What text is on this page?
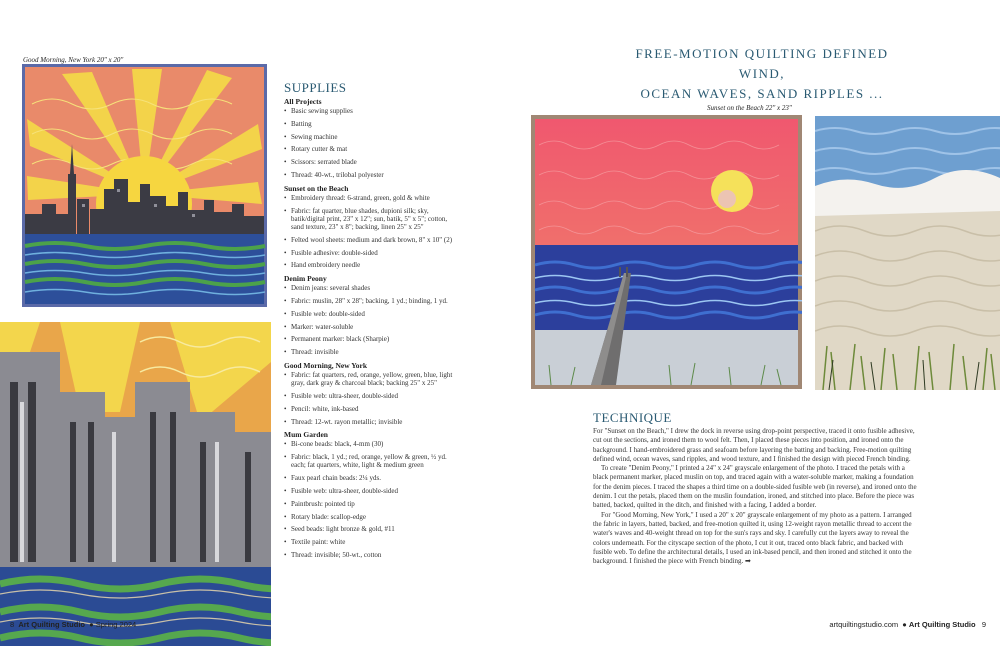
Good Morning, New York 20" x 20"
SUPPLIES
All Projects
• Basic sewing supplies
• Batting
• Sewing machine
• Rotary cutter & mat
• Scissors: serrated blade
• Thread: 40-wt., trilobal polyester
Sunset on the Beach
• Embroidery thread: 6-strand, green, gold & white
• Fabric: fat quarter, blue shades, dupioni silk; sky, batik/digital print, 23" x 12"; sun, batik, 5" x 5"; cotton, sand texture, 23" x 8"; backing, linen 25" x 25"
• Felted wool sheets: medium and dark brown, 8" x 10" (2)
• Fusible adhesive: double-sided
• Hand embroidery needle
Denim Peony
• Denim jeans: several shades
• Fabric: muslin, 28" x 28"; backing, 1 yd.; binding, 1 yd.
• Fusible web: double-sided
• Marker: water-soluble
• Permanent marker: black (Sharpie)
• Thread: invisible
Good Morning, New York
• Fabric: fat quarters, red, orange, yellow, green, blue, light gray, dark gray & charcoal black; backing 25" x 25"
• Fusible web: ultra-sheer, double-sided
• Pencil: white, ink-based
• Thread: 12-wt. rayon metallic; invisible
Mum Garden
• Bi-cone beads: black, 4-mm (30)
• Fabric: black, 1 yd.; red, orange, yellow & green, ½ yd. each; fat quarters, white, light & medium green
• Faux pearl chain beads: 2¼ yds.
• Fusible web: ultra-sheer, double-sided
• Paintbrush: pointed tip
• Rotary blade: scallop-edge
• Seed beads: light bronze & gold, #11
• Textile paint: white
• Thread: invisible; 50-wt., cotton
FREE-MOTION QUILTING DEFINED WIND,
OCEAN WAVES, SAND RIPPLES ...
Sunset on the Beach 22" x 23"
TECHNIQUE

For "Sunset on the Beach," I drew the dock in reverse using drop-point perspective, traced it onto fusible adhesive, cut out the sections, and ironed them to wool felt. Then, I placed these pieces into position, and ironed onto the background. I hand-embroidered grass and seafoam before layering the batting and backing. Free-motion quilting defined wind, ocean waves, sand ripples, and wood texture, and I finished the design with pieced French binding.

To create "Denim Peony," I printed a 24" x 24" grayscale enlargement of the photo. I traced the petals with a black permanent marker, placed muslin on top, and traced again with a water-soluble marker, making a foundation for the denim pieces. I traced the shapes a third time on a double-sided fusible web (in reverse), and ironed onto the denim. I cut the petals, placed them on the muslin foundation, ironed, and stitched into place. Before the piece was batted, backed, quilted in the ditch, and finished with a facing, I added a border.

For "Good Morning, New York," I used a 20" x 20" grayscale enlargement of my photo as a pattern. I arranged the fabric in layers, batted, backed, and free-motion quilted it, using 12-weight rayon metallic thread to accent the water's waves and 40-weight thread on top for the sun's rays and sky. I carefully cut the layers away to reveal the colors underneath. For the cityscape section of the photo, I cut it out, traced onto black fabric, and backed with fusible web. To define the architectural details, I used an ink-based pencil, and then ironed and stitched it onto the background. I finished the piece with French binding. ➡

8 Art Quilting Studio  ● Spring 2024	artquiltingstudio.com  ● Art Quilting Studio 9
